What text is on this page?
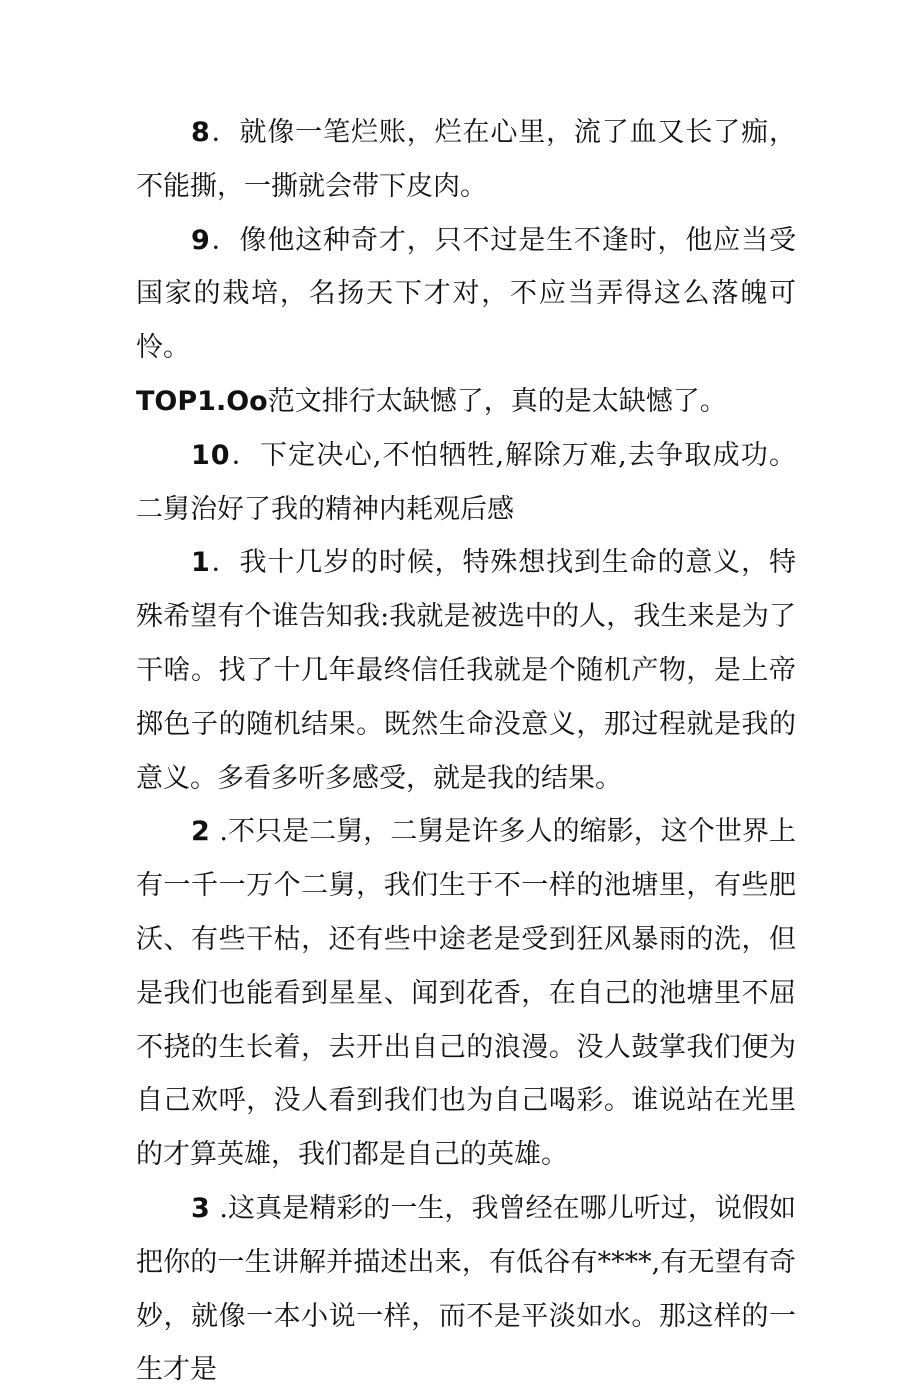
8．就像一笔烂账，烂在心里，流了血又长了痂，不能撕，一撕就会带下皮肉。

9．像他这种奇才，只不过是生不逢时，他应当受国家的栽培，名扬天下才对，不应当弄得这么落魄可怜。

TOP1.Oo范文排行太缺憾了，真的是太缺憾了。

10．下定决心,不怕牺牲,解除万难,去争取成功。二舅治好了我的精神内耗观后感

1．我十几岁的时候，特殊想找到生命的意义，特殊希望有个谁告知我:我就是被选中的人，我生来是为了干啥。找了十几年最终信任我就是个随机产物，是上帝掷色子的随机结果。既然生命没意义，那过程就是我的意义。多看多听多感受，就是我的结果。

2 .不只是二舅，二舅是许多人的缩影，这个世界上有一千一万个二舅，我们生于不一样的池塘里，有些肥沃、有些干枯，还有些中途老是受到狂风暴雨的洗，但是我们也能看到星星、闻到花香，在自己的池塘里不屈不挠的生长着，去开出自己的浪漫。没人鼓掌我们便为自己欢呼，没人看到我们也为自己喝彩。谁说站在光里的才算英雄，我们都是自己的英雄。

3 .这真是精彩的一生，我曾经在哪儿听过，说假如把你的一生讲解并描述出来，有低谷有****,有无望有奇妙，就像一本小说一样，而不是平淡如水。那这样的一生才是
